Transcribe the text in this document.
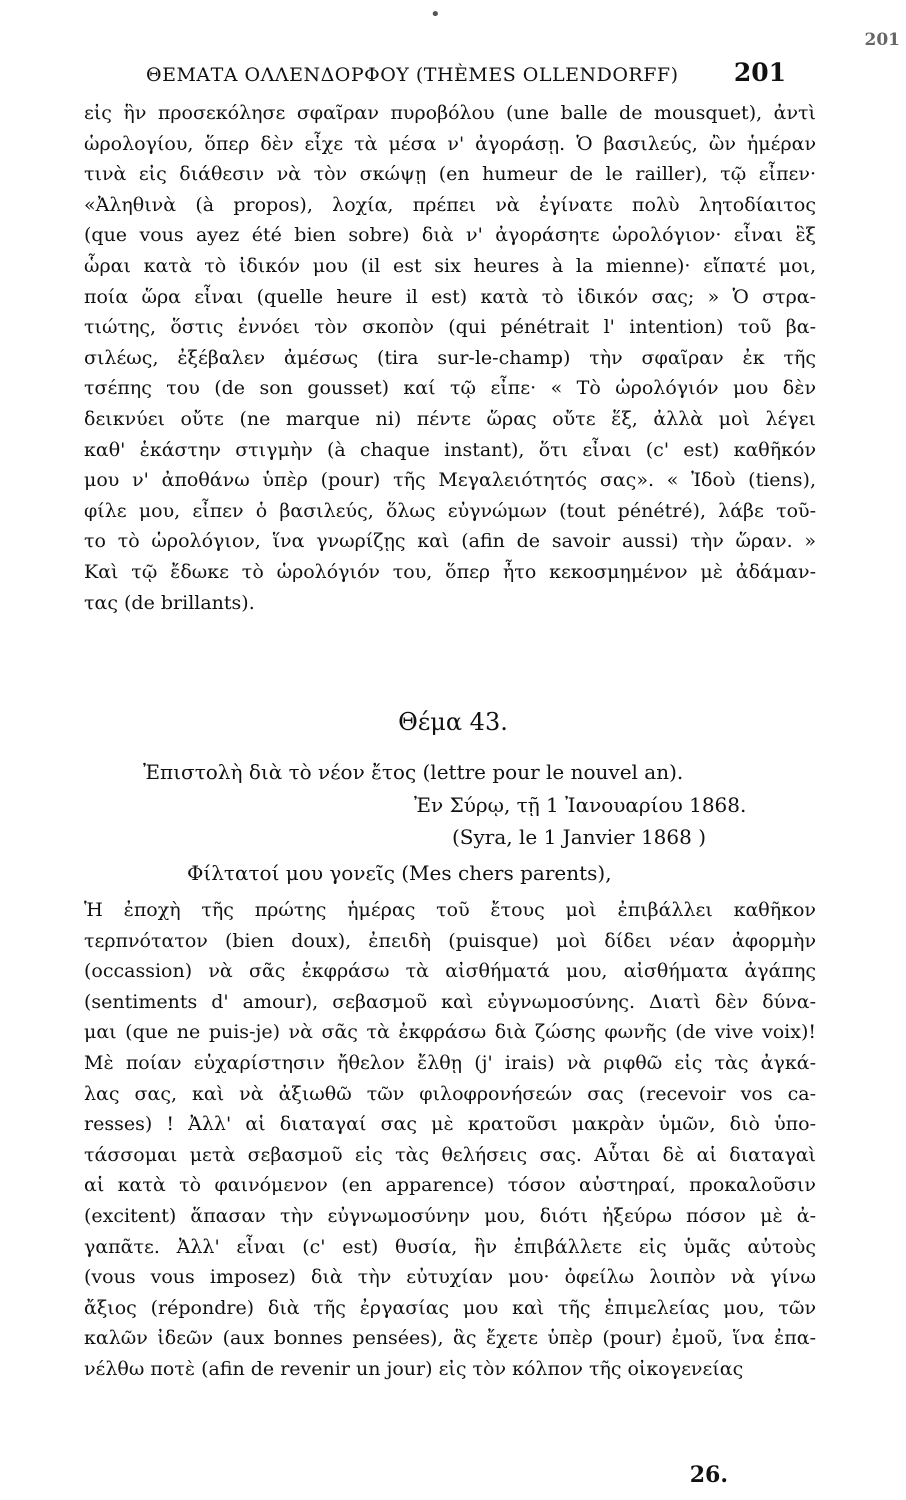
•
201
ΘΕΜΑΤΑ ΟΛΛΕΝΔΟΡΦΟΥ (THÈMES OLLENDORFF) 201
εἰς ἣν προσεκόλησε σφαῖραν πυροβόλου (une balle de mousquet), ἀντὶ
ὡρολογίου, ὅπερ δὲν εἶχε τὰ μέσα ν' ἀγοράσῃ. Ὁ βασιλεύς, ὢν ἡμέραν
τινὰ εἰς διάθεσιν νὰ τὸν σκώψῃ (en humeur de le railler), τῷ εἶπεν·
«Ἀληθινὰ (à propos), λοχία, πρέπει νὰ ἐγίνατε πολὺ λητοδίαιτος
(que vous ayez été bien sobre) διὰ ν' ἀγοράσητε ὡρολόγιον· εἶναι ἓξ
ὧραι κατὰ τὸ ἰδικόν μου (il est six heures à la mienne)· εἴπατέ μοι,
ποία ὥρα εἶναι (quelle heure il est) κατὰ τὸ ἰδικόν σας; » Ὁ στρα-
τιώτης, ὅστις ἐννόει τὸν σκοπὸν (qui pénétrait l' intention) τοῦ βα-
σιλέως, ἐξέβαλεν ἀμέσως (tira sur-le-champ) τὴν σφαῖραν ἐκ τῆς
τσέπης του (de son gousset) καί τῷ εἶπε· « Τὸ ὡρολόγιόν μου δὲν
δεικνύει οὔτε (ne marque ni) πέντε ὥρας οὔτε ἕξ, ἀλλὰ μοὶ λέγει
καθ' ἑκάστην στιγμὴν (à chaque instant), ὅτι εἶναι (c' est) καθῆκόν
μου ν' ἀποθάνω ὑπὲρ (pour) τῆς Μεγαλειότητός σας». « Ἰδοὺ (tiens),
φίλε μου, εἶπεν ὁ βασιλεύς, ὅλως εὐγνώμων (tout pénétré), λάβε τοῦ-
το τὸ ὡρολόγιον, ἵνα γνωρίζῃς καὶ (afin de savoir aussi) τὴν ὥραν. »
Καὶ τῷ ἔδωκε τὸ ὡρολόγιόν του, ὅπερ ἦτο κεκοσμημένον μὲ ἀδάμαν-
τας (de brillants).
Θέμα 43.
Ἐπιστολὴ διὰ τὸ νέον ἔτος (lettre pour le nouvel an).
Ἐν Σύρῳ, τῇ 1 Ἰανουαρίου 1868.
(Syra, le 1 Janvier 1868 )
Φίλτατοί μου γονεῖς (Mes chers parents),
Ἡ ἐποχὴ τῆς πρώτης ἡμέρας τοῦ ἔτους μοὶ ἐπιβάλλει καθῆκον
τερπνότατον (bien doux), ἐπειδὴ (puisque) μοὶ δίδει νέαν ἀφορμὴν
(occassion) νὰ σᾶς ἐκφράσω τὰ αἰσθήματά μου, αἰσθήματα ἀγάπης
(sentiments d' amour), σεβασμοῦ καὶ εὐγνωμοσύνης. Διατὶ δὲν δύνα-
μαι (que ne puis-je) νὰ σᾶς τὰ ἐκφράσω διὰ ζώσης φωνῆς (de vive voix)!
Μὲ ποίαν εὐχαρίστησιν ἤθελον ἔλθῃ (j' irais) νὰ ριφθῶ εἰς τὰς ἀγκά-
λας σας, καὶ νὰ ἀξιωθῶ τῶν φιλοφρονήσεών σας (recevoir vos ca-
resses) ! Ἀλλ' αἱ διαταγαί σας μὲ κρατοῦσι μακρὰν ὑμῶν, διὸ ὑπο-
τάσσομαι μετὰ σεβασμοῦ εἰς τὰς θελήσεις σας. Αὗται δὲ αἱ διαταγαὶ
αἱ κατὰ τὸ φαινόμενον (en apparence) τόσον αὐστηραί, προκαλοῦσιν
(excitent) ἅπασαν τὴν εὐγνωμοσύνην μου, διότι ἠξεύρω πόσον μὲ ἀ-
γαπᾶτε. Ἀλλ' εἶναι (c' est) θυσία, ἣν ἐπιβάλλετε εἰς ὑμᾶς αὐτοὺς
(vous vous imposez) διὰ τὴν εὐτυχίαν μου· ὀφείλω λοιπὸν νὰ γίνω
ἄξιος (répondre) διὰ τῆς ἐργασίας μου καὶ τῆς ἐπιμελείας μου, τῶν
καλῶν ἰδεῶν (aux bonnes pensées), ἃς ἔχετε ὑπὲρ (pour) ἐμοῦ, ἵνα ἐπα-
νέλθω ποτὲ (afin de revenir un jour) εἰς τὸν κόλπον τῆς οἰκογενείας
26.
